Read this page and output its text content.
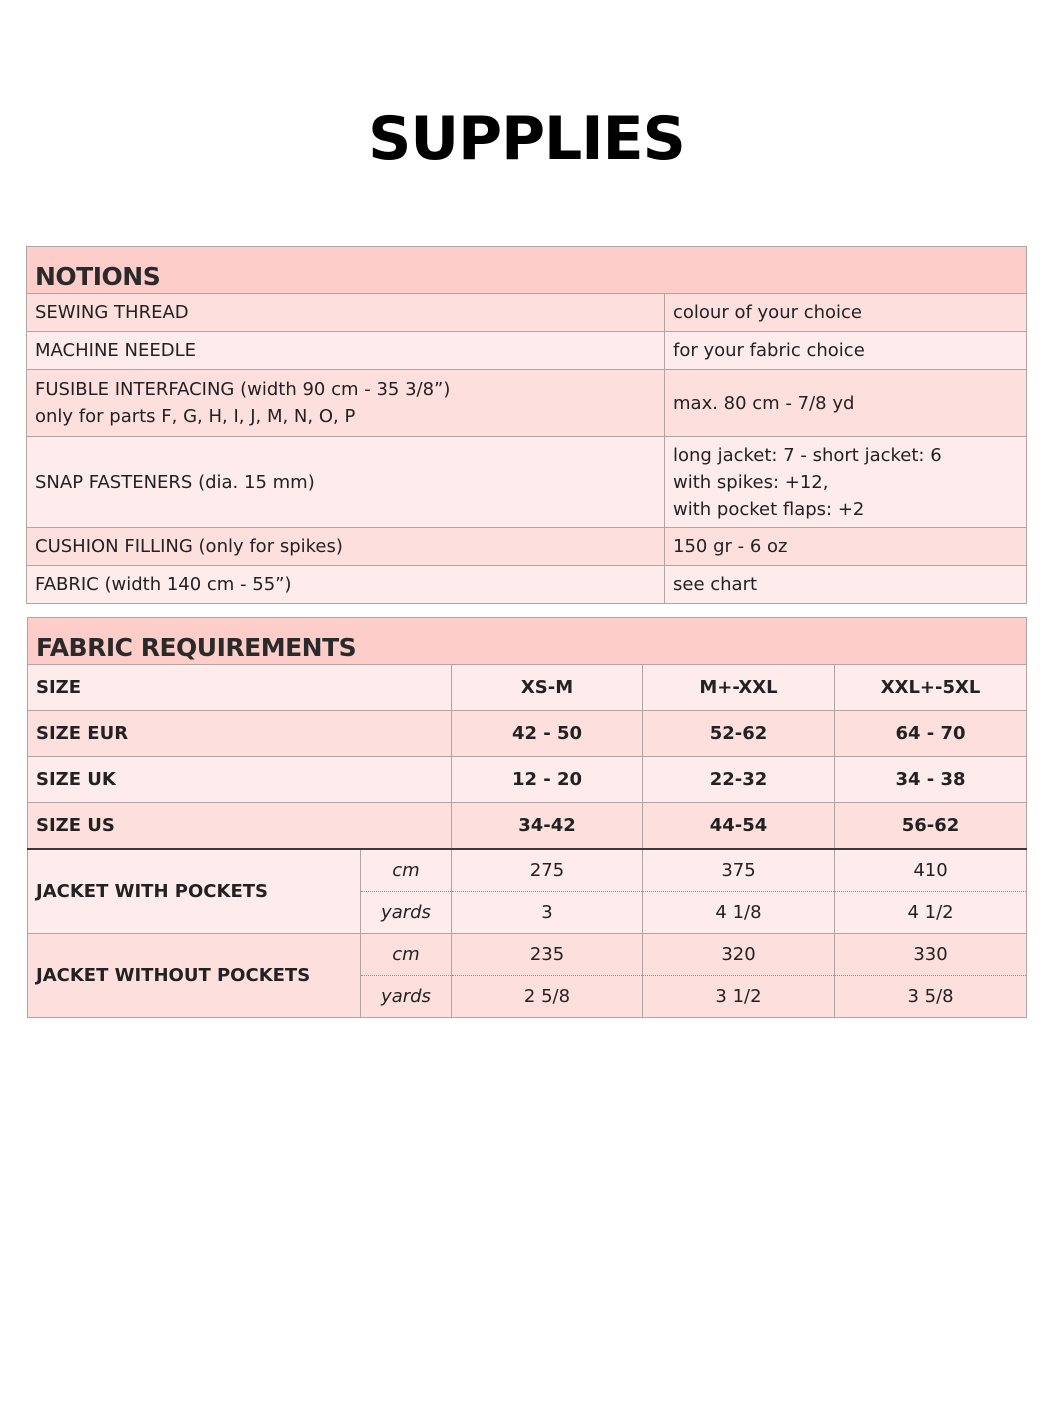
SUPPLIES
NOTIONS	
SEWING THREAD	colour of your choice
MACHINE NEEDLE	for your fabric choice

FUSIBLE INTERFACING (width 90 cm - 35 3/8”)
only for parts F, G, H, I, J, M, N, O, P	max. 80 cm - 7/8 yd
SNAP FASTENERS (dia. 15 mm)	long jacket: 7 - short jacket: 6
with spikes: +12,
with pocket flaps: +2

CUSHION FILLING (only for spikes)	150 gr - 6 oz
FABRIC (width 140 cm - 55”)	see chart
FABRIC REQUIREMENTS				
SIZE		XS-M	M+-XXL	XXL+-5XL
SIZE EUR		42 - 50	52-62	64 - 70
SIZE UK		12 - 20	22-32	34 - 38
SIZE US		34-42	44-54	56-62
JACKET WITH POCKETS	cm	275	375	410
	yards	3	4 1/8	4 1/2
JACKET WITHOUT POCKETS	cm	235	320	330
	yards	2 5/8	3 1/2	3 5/8
